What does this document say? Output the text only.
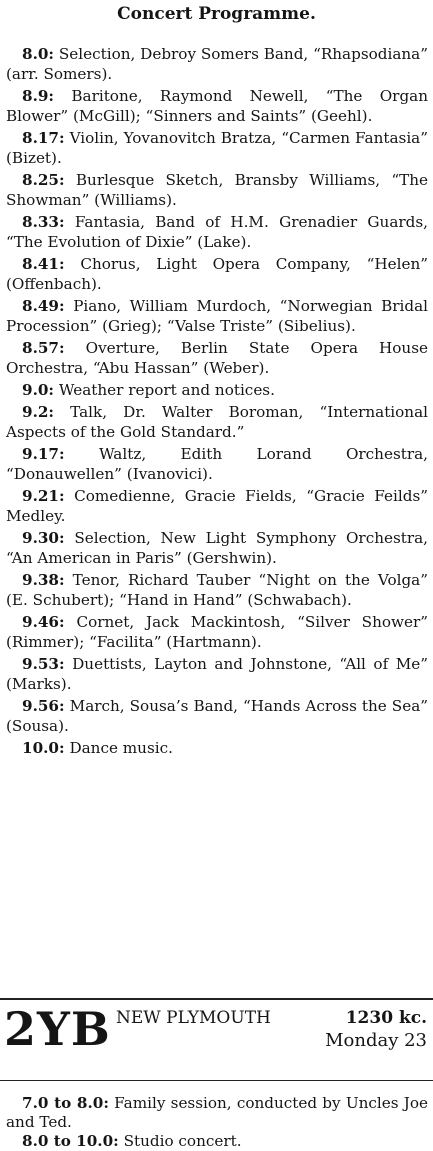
Concert Programme.

8.0: Selection, Debroy Somers Band, “Rhapsodiana” (arr. Somers).

8.9: Baritone, Raymond Newell, “The Organ Blower” (McGill); “Sinners and Saints” (Geehl).

8.17: Violin, Yovanovitch Bratza, “Carmen Fantasia” (Bizet).

8.25: Burlesque Sketch, Bransby Williams, “The Showman” (Williams).

8.33: Fantasia, Band of H.M. Grenadier Guards, “The Evolution of Dixie” (Lake).

8.41: Chorus, Light Opera Company, “Helen” (Offenbach).

8.49: Piano, William Murdoch, “Norwegian Bridal Procession” (Grieg); “Valse Triste” (Sibelius).

8.57: Overture, Berlin State Opera House Orchestra, “Abu Hassan” (Weber).

9.0: Weather report and notices.

9.2: Talk, Dr. Walter Boroman, “International Aspects of the Gold Standard.”

9.17: Waltz, Edith Lorand Orchestra, “Donauwellen” (Ivanovici).

9.21: Comedienne, Gracie Fields, “Gracie Feilds” Medley.

9.30: Selection, New Light Symphony Orchestra, “An American in Paris” (Gershwin).

9.38: Tenor, Richard Tauber “Night on the Volga” (E. Schubert); “Hand in Hand” (Schwabach).

9.46: Cornet, Jack Mackintosh, “Silver Shower” (Rimmer); “Facilita” (Hartmann).

9.53: Duettists, Layton and Johnstone, “All of Me” (Marks).

9.56: March, Sousa’s Band, “Hands Across the Sea” (Sousa).

10.0: Dance music.

2YB NEW PLYMOUTH	1230 kc.
Monday 23

7.0 to 8.0: Family session, conducted by Uncles Joe and Ted.

8.0 to 10.0: Studio concert.
